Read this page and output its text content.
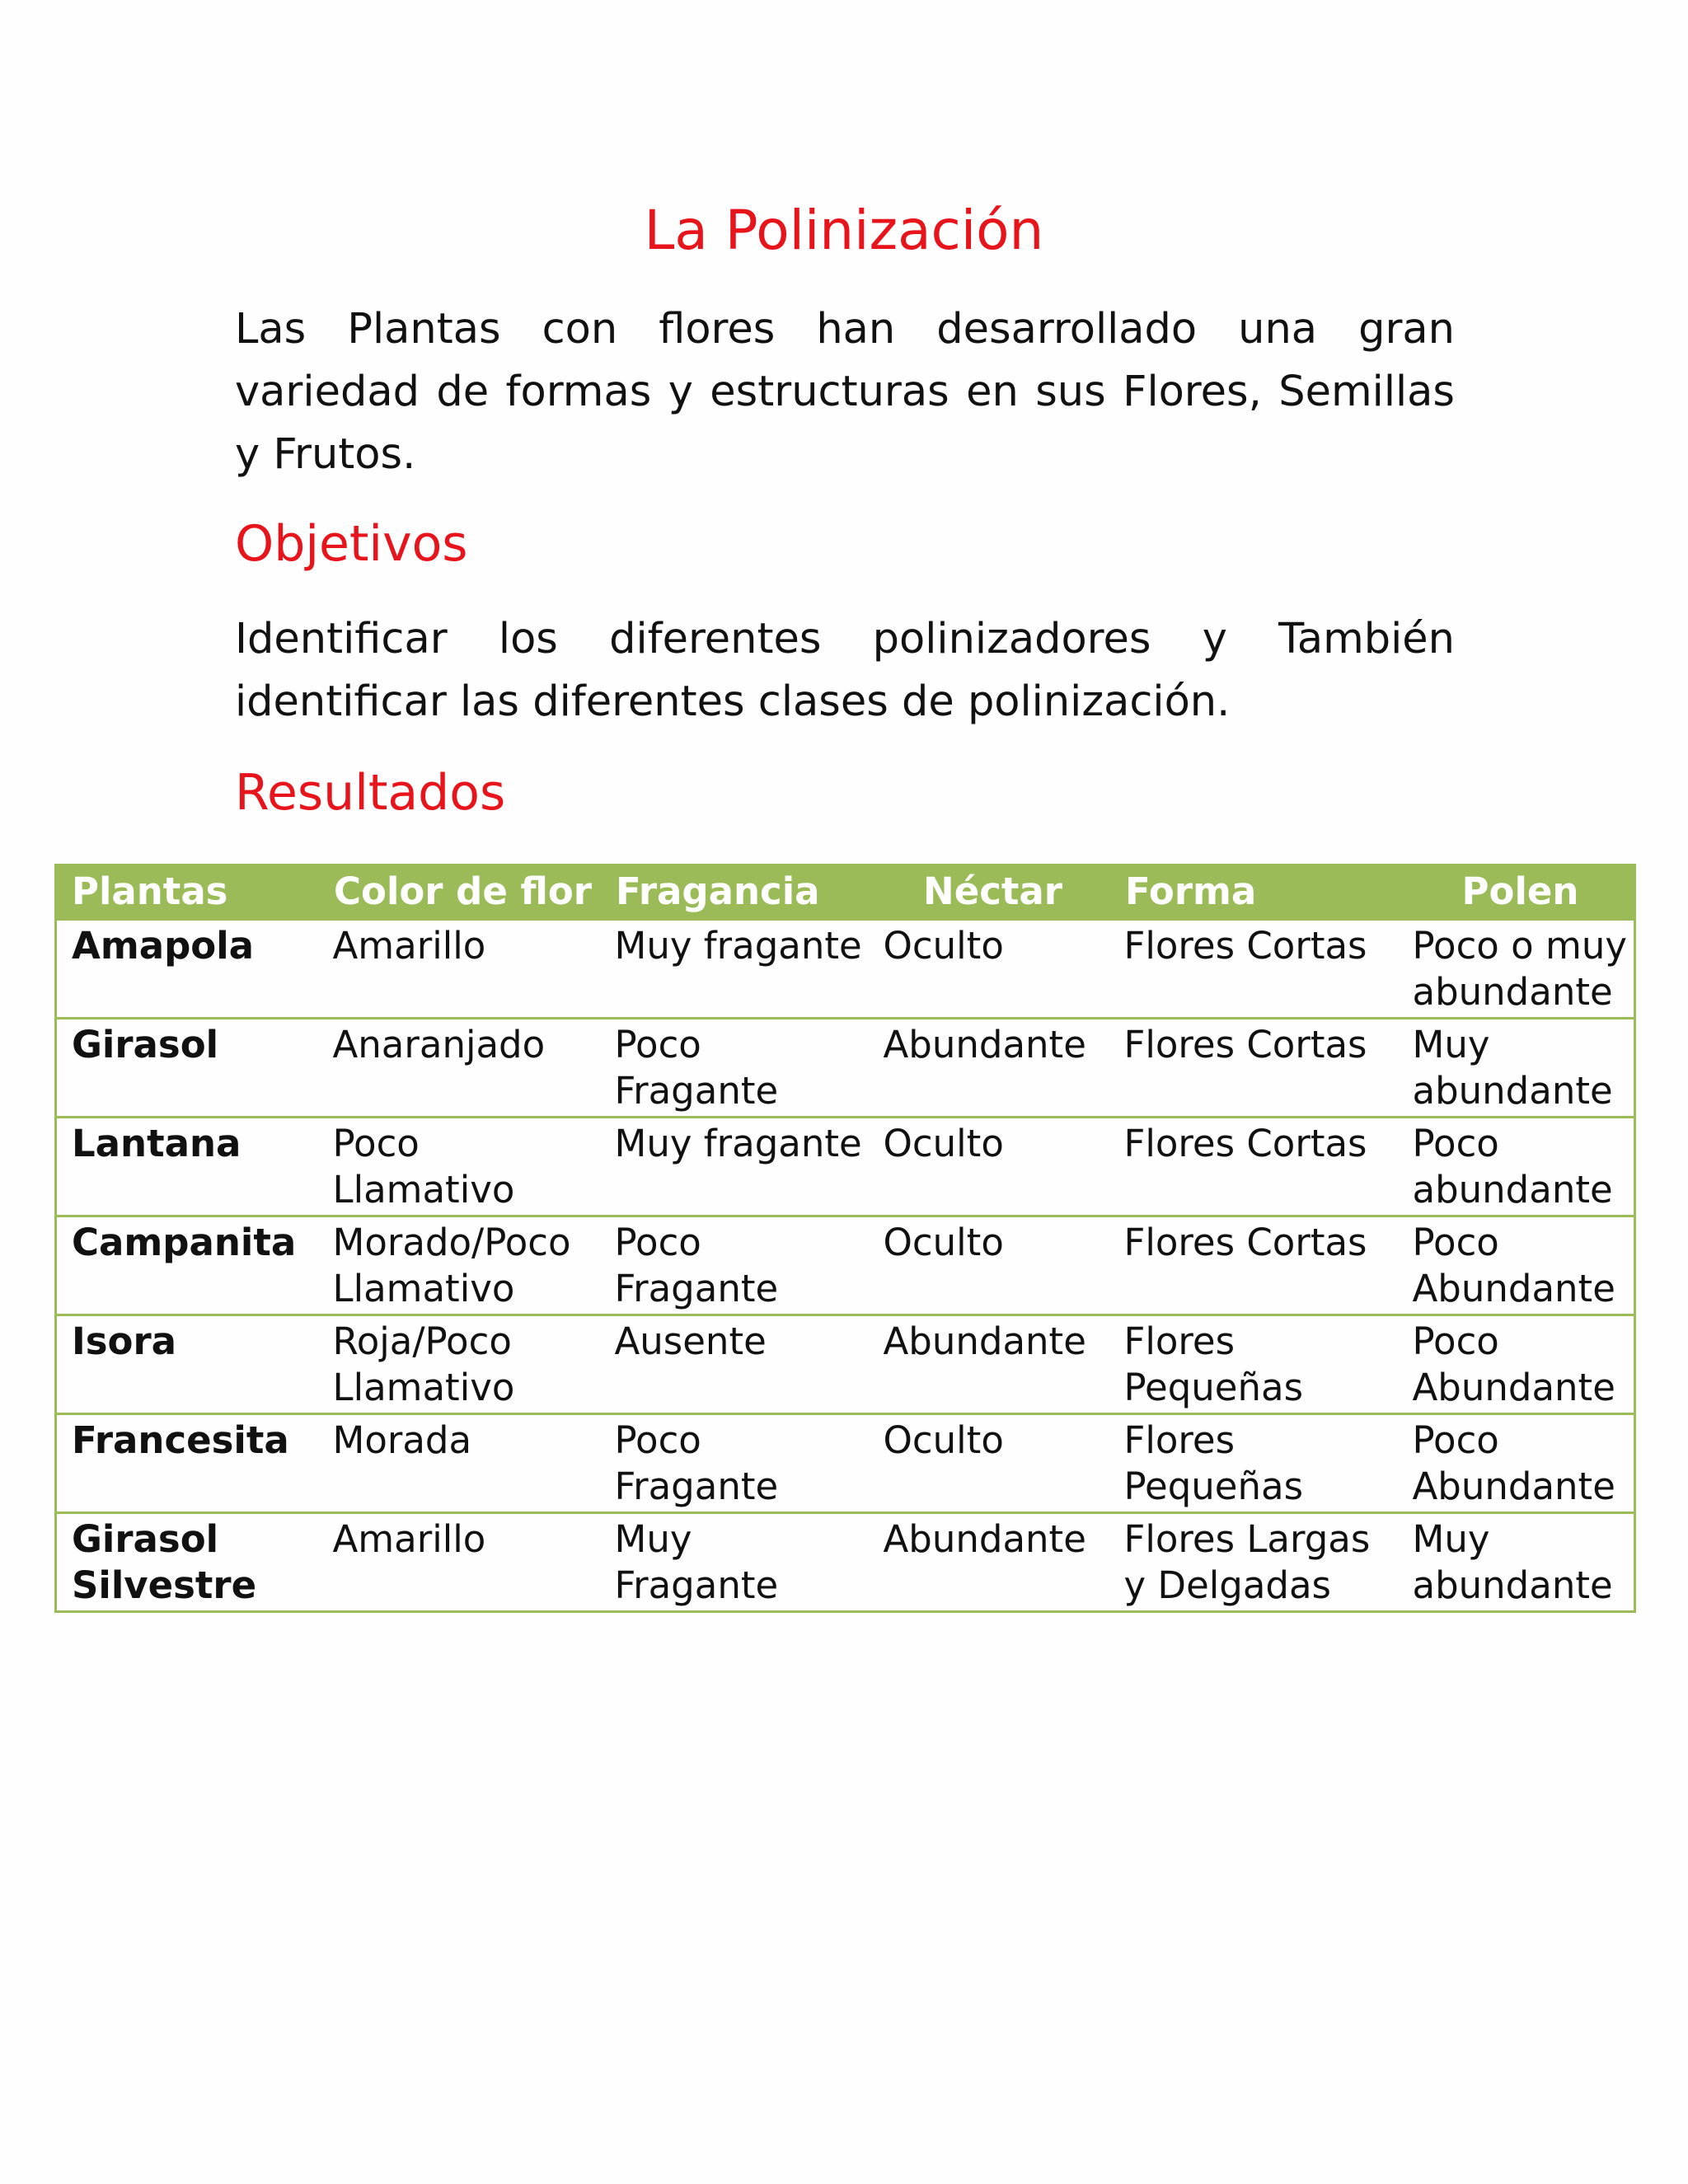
La Polinización

Las Plantas con flores han desarrollado una gran variedad de formas y estructuras en sus Flores, Semillas y Frutos.

Objetivos

Identificar los diferentes polinizadores y También identificar las diferentes clases de polinización.

Resultados
Plantas	Color de flor	Fragancia	Néctar	Forma	Polen
Amapola	Amarillo	Muy fragante	Oculto	Flores Cortas	Poco o muy abundante
Girasol	Anaranjado	Poco Fragante	Abundante	Flores Cortas	Muy abundante
Lantana	Poco Llamativo	Muy fragante	Oculto	Flores Cortas	Poco abundante
Campanita	Morado/Poco Llamativo	Poco Fragante	Oculto	Flores Cortas	Poco Abundante
Isora	Roja/Poco Llamativo	Ausente	Abundante	Flores Pequeñas	Poco Abundante
Francesita	Morada	Poco Fragante	Oculto	Flores Pequeñas	Poco Abundante
Girasol Silvestre	Amarillo	Muy Fragante	Abundante	Flores Largas y Delgadas	Muy abundante
